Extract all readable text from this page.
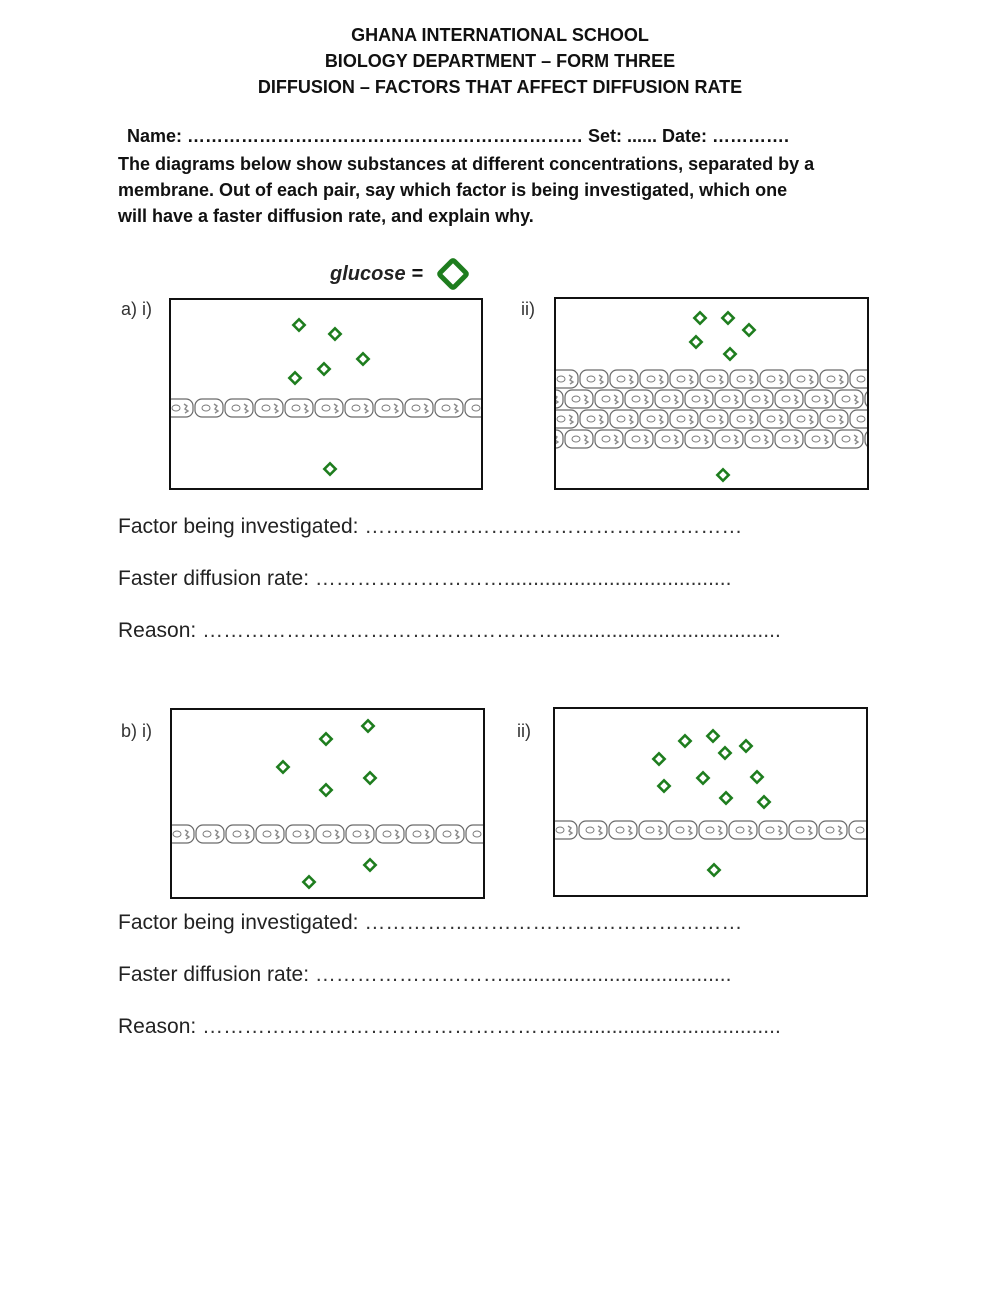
GHANA INTERNATIONAL SCHOOL
BIOLOGY DEPARTMENT – FORM THREE
DIFFUSION – FACTORS THAT AFFECT DIFFUSION RATE
Name: ………………………………………………………… Set: ...... Date: ………….
The diagrams below show substances at different concentrations, separated by a
membrane. Out of each pair, say which factor is being investigated, which one
will have a faster diffusion rate, and explain why.
glucose =
a) i)	ii)
Factor being investigated: ………………………………………………
Faster diffusion rate: ……………………….......................................
Reason: ……………………………………………......................................
b) i)	ii)
Factor being investigated: ………………………………………………
Faster diffusion rate: ……………………….......................................
Reason: ……………………………………………......................................
